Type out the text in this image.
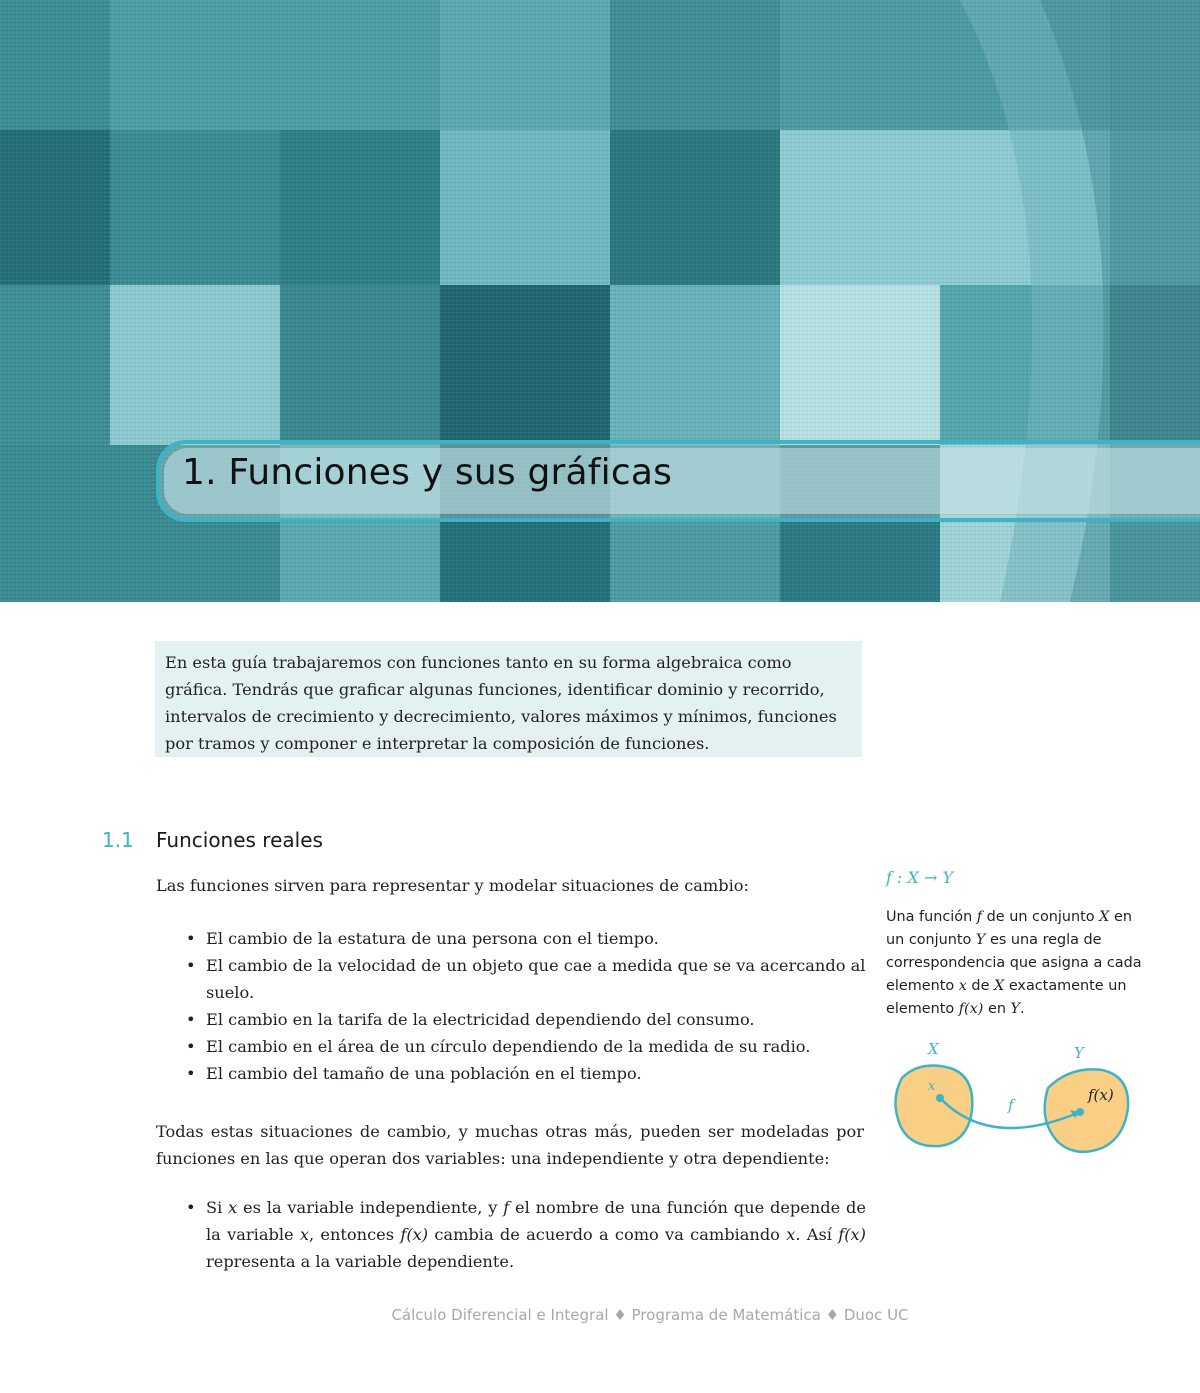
1. Funciones y sus gráficas
En esta guía trabajaremos con funciones tanto en su forma algebraica como gráfica. Tendrás que graficar algunas funciones, identificar dominio y recorrido, intervalos de crecimiento y decrecimiento, valores máximos y mínimos, funciones por tramos y componer e interpretar la composición de funciones.
1.1 Funciones reales

Las funciones sirven para representar y modelar situaciones de cambio:

• El cambio de la estatura de una persona con el tiempo.
• El cambio de la velocidad de un objeto que cae a medida que se va acercando al suelo.
• El cambio en la tarifa de la electricidad dependiendo del consumo.
• El cambio en el área de un círculo dependiendo de la medida de su radio.
• El cambio del tamaño de una población en el tiempo.

Todas estas situaciones de cambio, y muchas otras más, pueden ser modeladas por funciones en las que operan dos variables: una independiente y otra dependiente:

• Si x es la variable independiente, y f el nombre de una función que depende de la variable x, entonces f(x) cambia de acuerdo a como va cambiando x. Así f(x) representa a la variable dependiente.
f : X → Y
Una función f de un conjunto X en un conjunto Y es una regla de correspondencia que asigna a cada elemento x de X exactamente un elemento f(x) en Y.
X	Y
x	f(x)
f
Cálculo Diferencial e Integral ♦ Programa de Matemática ♦ Duoc UC
